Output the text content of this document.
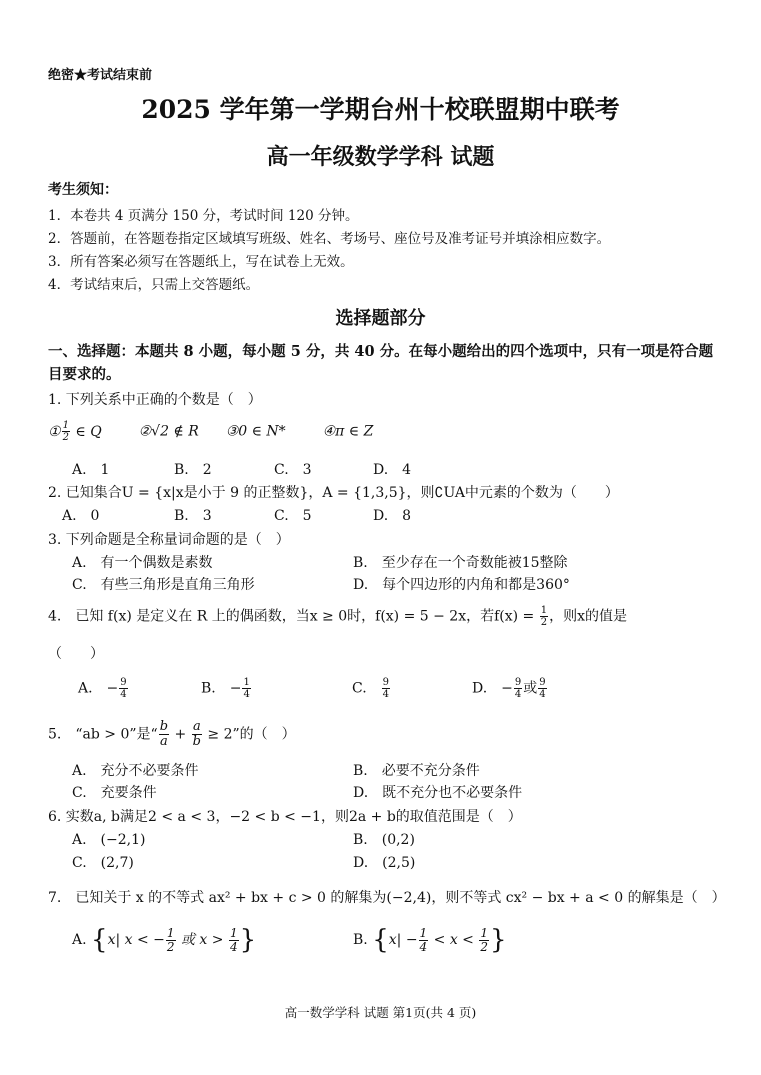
绝密★考试结束前
2025 学年第一学期台州十校联盟期中联考
高一年级数学学科 试题
考生须知：
1．本卷共 4 页满分 150 分，考试时间 120 分钟。
2．答题前，在答题卷指定区域填写班级、姓名、考场号、座位号及准考证号并填涂相应数字。
3．所有答案必须写在答题纸上，写在试卷上无效。
4．考试结束后，只需上交答题纸。
选择题部分
一、选择题：本题共 8 小题，每小题 5 分，共 40 分。在每小题给出的四个选项中，只有一项是符合题目要求的。
1. 下列关系中正确的个数是（　）
① $\frac{1}{2}$ ∈ Q	②√2 ∉ R ③0 ∈ N*	④π ∈ Z
A.　1	B.　2	C.　3	D.　4
2. 已知集合U = {x|x是小于 9 的正整数}，A = {1,3,5}，则∁UA中元素的个数为（　　）
A.　0	B.　3	C.　5	D.　8
3. 下列命题是全称量词命题的是（　）
A.　有一个偶数是素数	B.　至少存在一个奇数能被15整除
C.　有些三角形是直角三角形	D.　每个四边形的内角和都是360°
4.　已知 f(x) 是定义在 R 上的偶函数，当x ≥ 0时，f(x) = 5 − 2x，若$f(x) = \frac{1}{2}$ ，则x的值是
（　　）
A.　− $\frac{9}{4}$	B.　− $\frac{1}{4}$	C.　 $\frac{9}{4}$	D.　− $\frac{9}{4}$ 或 $\frac{9}{4}$
5.　“ab > 0”是“ $\frac{b}{a} + \frac{a}{b} \ge 2$”的（　）
A.　充分不必要条件	B.　必要不充分条件
C.　充要条件	D.　既不充分也不必要条件
6. 实数a, b满足2 < a < 3，−2 < b < −1，则2a + b的取值范围是（　）
A.　(−2,1)	B.　(0,2)
C.　(2,7)	D.　(2,5)
7.　已知关于 x 的不等式 ax² + bx + c > 0 的解集为(−2,4)，则不等式 cx² − bx + a < 0 的解集是（　）
A. {x| x < − $\frac{1}{2}$ 或 $x > \frac{1}{4}$ }	B. {$x| - \frac{1}{4} < x < \frac{1}{2}$ }
高一数学学科 试题 第1页(共 4 页)
